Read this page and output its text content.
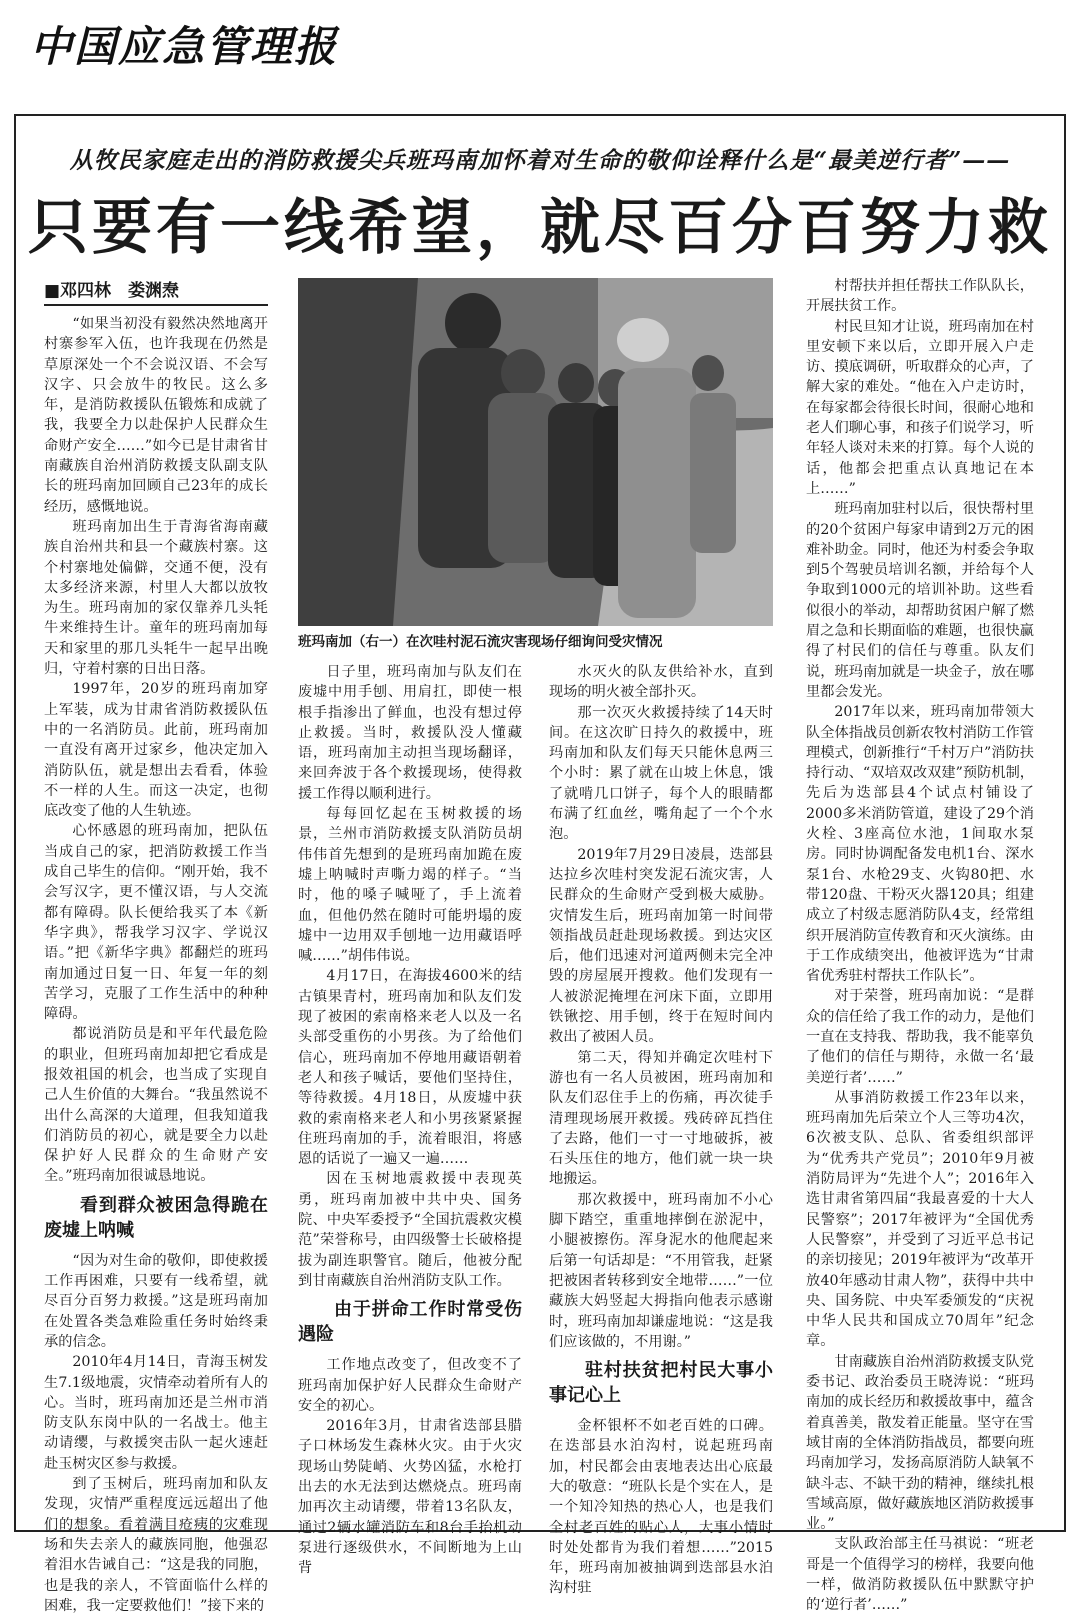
中国应急管理报
从牧民家庭走出的消防救援尖兵班玛南加怀着对生命的敬仰诠释什么是“最美逆行者”——
只要有一线希望，就尽百分百努力救
■邓四林　娄渊焘
班玛南加（右一）在次哇村泥石流灾害现场仔细询问受灾情况

“如果当初没有毅然决然地离开村寨参军入伍，也许我现在仍然是草原深处一个不会说汉语、不会写汉字、只会放牛的牧民。这么多年，是消防救援队伍锻炼和成就了我，我要全力以赴保护人民群众生命财产安全……”如今已是甘肃省甘南藏族自治州消防救援支队副支队长的班玛南加回顾自己23年的成长经历，感慨地说。

班玛南加出生于青海省海南藏族自治州共和县一个藏族村寨。这个村寨地处偏僻，交通不便，没有太多经济来源，村里人大都以放牧为生。班玛南加的家仅靠养几头牦牛来维持生计。童年的班玛南加每天和家里的那几头牦牛一起早出晚归，守着村寨的日出日落。

1997年，20岁的班玛南加穿上军装，成为甘肃省消防救援队伍中的一名消防员。此前，班玛南加一直没有离开过家乡，他决定加入消防队伍，就是想出去看看，体验不一样的人生。而这一决定，也彻底改变了他的人生轨迹。

心怀感恩的班玛南加，把队伍当成自己的家，把消防救援工作当成自己毕生的信仰。“刚开始，我不会写汉字，更不懂汉语，与人交流都有障碍。队长便给我买了本《新华字典》，帮我学习汉字、学说汉语。”把《新华字典》都翻烂的班玛南加通过日复一日、年复一年的刻苦学习，克服了工作生活中的种种障碍。

都说消防员是和平年代最危险的职业，但班玛南加却把它看成是报效祖国的机会，也当成了实现自己人生价值的大舞台。“我虽然说不出什么高深的大道理，但我知道我们消防员的初心，就是要全力以赴保护好人民群众的生命财产安全。”班玛南加很诚恳地说。

看到群众被困急得跪在废墟上呐喊

“因为对生命的敬仰，即使救援工作再困难，只要有一线希望，就尽百分百努力救援。”这是班玛南加在处置各类急难险重任务时始终秉承的信念。

2010年4月14日，青海玉树发生7.1级地震，灾情牵动着所有人的心。当时，班玛南加还是兰州市消防支队东岗中队的一名战士。他主动请缨，与救援突击队一起火速赶赴玉树灾区参与救援。

到了玉树后，班玛南加和队友发现，灾情严重程度远远超出了他们的想象。看着满目疮痍的灾难现场和失去亲人的藏族同胞，他强忍着泪水告诫自己：“这是我的同胞，也是我的亲人，不管面临什么样的困难，我一定要救他们！”接下来的

日子里，班玛南加与队友们在废墟中用手刨、用肩扛，即使一根根手指渗出了鲜血，也没有想过停止救援。当时，救援队没人懂藏语，班玛南加主动担当现场翻译，来回奔波于各个救援现场，使得救援工作得以顺利进行。

每每回忆起在玉树救援的场景，兰州市消防救援支队消防员胡伟伟首先想到的是班玛南加跪在废墟上呐喊时声嘶力竭的样子。“当时，他的嗓子喊哑了，手上流着血，但他仍然在随时可能坍塌的废墟中一边用双手刨地一边用藏语呼喊……”胡伟伟说。

4月17日，在海拔4600米的结古镇果青村，班玛南加和队友们发现了被困的索南格来老人以及一名头部受重伤的小男孩。为了给他们信心，班玛南加不停地用藏语朝着老人和孩子喊话，要他们坚持住，等待救援。4月18日，从废墟中获救的索南格来老人和小男孩紧紧握住班玛南加的手，流着眼泪，将感恩的话说了一遍又一遍……

因在玉树地震救援中表现英勇，班玛南加被中共中央、国务院、中央军委授予“全国抗震救灾模范”荣誉称号，由四级警士长破格提拔为副连职警官。随后，他被分配到甘南藏族自治州消防支队工作。

由于拼命工作时常受伤遇险

工作地点改变了，但改变不了班玛南加保护好人民群众生命财产安全的初心。

2016年3月，甘肃省迭部县腊子口林场发生森林火灾。由于火灾现场山势陡峭、火势凶猛，水枪打出去的水无法到达燃烧点。班玛南加再次主动请缨，带着13名队友，通过2辆水罐消防车和8台手抬机动泵进行逐级供水，不间断地为上山背

水灭火的队友供给补水，直到现场的明火被全部扑灭。

那一次灭火救援持续了14天时间。在这次旷日持久的救援中，班玛南加和队友们每天只能休息两三个小时：累了就在山坡上休息，饿了就啃几口饼子，每个人的眼睛都布满了红血丝，嘴角起了一个个水泡。

2019年7月29日凌晨，迭部县达拉乡次哇村突发泥石流灾害，人民群众的生命财产受到极大威胁。灾情发生后，班玛南加第一时间带领指战员赶赴现场救援。到达灾区后，他们迅速对河道两侧未完全冲毁的房屋展开搜救。他们发现有一人被淤泥掩埋在河床下面，立即用铁锹挖、用手刨，终于在短时间内救出了被困人员。

第二天，得知并确定次哇村下游也有一名人员被困，班玛南加和队友们忍住手上的伤痛，再次徒手清理现场展开救援。残砖碎瓦挡住了去路，他们一寸一寸地破拆，被石头压住的地方，他们就一块一块地搬运。

那次救援中，班玛南加不小心脚下踏空，重重地摔倒在淤泥中，小腿被擦伤。浑身泥水的他爬起来后第一句话却是：“不用管我，赶紧把被困者转移到安全地带……”一位藏族大妈竖起大拇指向他表示感谢时，班玛南加却谦虚地说：“这是我们应该做的，不用谢。”

驻村扶贫把村民大事小事记心上

金杯银杯不如老百姓的口碑。在迭部县水泊沟村，说起班玛南加，村民都会由衷地表达出心底最大的敬意：“班队长是个实在人，是一个知冷知热的热心人，也是我们全村老百姓的贴心人，大事小情时时处处都肯为我们着想……”2015年，班玛南加被抽调到迭部县水泊沟村驻

村帮扶并担任帮扶工作队队长，开展扶贫工作。

村民旦知才让说，班玛南加在村里安顿下来以后，立即开展入户走访、摸底调研，听取群众的心声，了解大家的难处。“他在入户走访时，在每家都会待很长时间，很耐心地和老人们聊心事，和孩子们说学习，听年轻人谈对未来的打算。每个人说的话，他都会把重点认真地记在本上……”

班玛南加驻村以后，很快帮村里的20个贫困户每家申请到2万元的困难补助金。同时，他还为村委会争取到5个驾驶员培训名额，并给每个人争取到1000元的培训补助。这些看似很小的举动，却帮助贫困户解了燃眉之急和长期面临的难题，也很快赢得了村民们的信任与尊重。队友们说，班玛南加就是一块金子，放在哪里都会发光。

2017年以来，班玛南加带领大队全体指战员创新农牧村消防工作管理模式，创新推行“千村万户”消防扶持行动、“双培双改双建”预防机制，先后为迭部县4个试点村铺设了2000多米消防管道，建设了29个消火栓、3座高位水池，1间取水泵房。同时协调配备发电机1台、深水泵1台、水枪29支、火钩80把、水带120盘、干粉灭火器120具；组建成立了村级志愿消防队4支，经常组织开展消防宣传教育和灭火演练。由于工作成绩突出，他被评选为“甘肃省优秀驻村帮扶工作队长”。

对于荣誉，班玛南加说：“是群众的信任给了我工作的动力，是他们一直在支持我、帮助我，我不能辜负了他们的信任与期待，永做一名‘最美逆行者’……”

从事消防救援工作23年以来，班玛南加先后荣立个人三等功4次，6次被支队、总队、省委组织部评为“优秀共产党员”；2010年9月被消防局评为“先进个人”；2016年入选甘肃省第四届“我最喜爱的十大人民警察”；2017年被评为“全国优秀人民警察”，并受到了习近平总书记的亲切接见；2019年被评为“改革开放40年感动甘肃人物”，获得中共中央、国务院、中央军委颁发的“庆祝中华人民共和国成立70周年”纪念章。

甘南藏族自治州消防救援支队党委书记、政治委员王晓涛说：“班玛南加的成长经历和救援故事中，蕴含着真善美，散发着正能量。坚守在雪域甘南的全体消防指战员，都要向班玛南加学习，发扬高原消防人缺氧不缺斗志、不缺干劲的精神，继续扎根雪域高原，做好藏族地区消防救援事业。”

支队政治部主任马祺说：“班老哥是一个值得学习的榜样，我要向他一样，做消防救援队伍中默默守护的‘逆行者’……”
